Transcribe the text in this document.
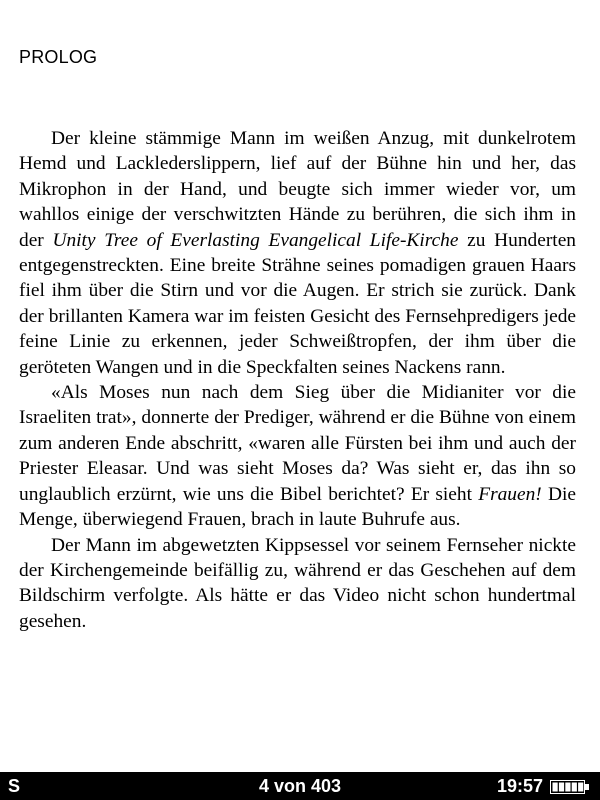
PROLOG

Der kleine stämmige Mann im weißen Anzug, mit dunkelrotem Hemd und Lacklederslippern, lief auf der Bühne hin und her, das Mikrophon in der Hand, und beugte sich immer wieder vor, um wahllos einige der verschwitzten Hände zu berühren, die sich ihm in der Unity Tree of Everlasting Evangelical Life-Kirche zu Hunderten entgegenstreckten. Eine breite Strähne seines pomadigen grauen Haars fiel ihm über die Stirn und vor die Augen. Er strich sie zurück. Dank der brillanten Kamera war im feisten Gesicht des Fernsehpredigers jede feine Linie zu erkennen, jeder Schweißtropfen, der ihm über die geröteten Wangen und in die Speckfalten seines Nackens rann.

«Als Moses nun nach dem Sieg über die Midianiter vor die Israeliten trat», donnerte der Prediger, während er die Bühne von einem zum anderen Ende abschritt, «waren alle Fürsten bei ihm und auch der Priester Eleasar. Und was sieht Moses da? Was sieht er, das ihn so unglaublich erzürnt, wie uns die Bibel berichtet? Er sieht Frauen! Die Menge, überwiegend Frauen, brach in laute Buhrufe aus.

Der Mann im abgewetzten Kippsessel vor seinem Fernseher nickte der Kirchengemeinde beifällig zu, während er das Geschehen auf dem Bildschirm verfolgte. Als hätte er das Video nicht schon hundertmal gesehen.

S	4 von 403	19:57
